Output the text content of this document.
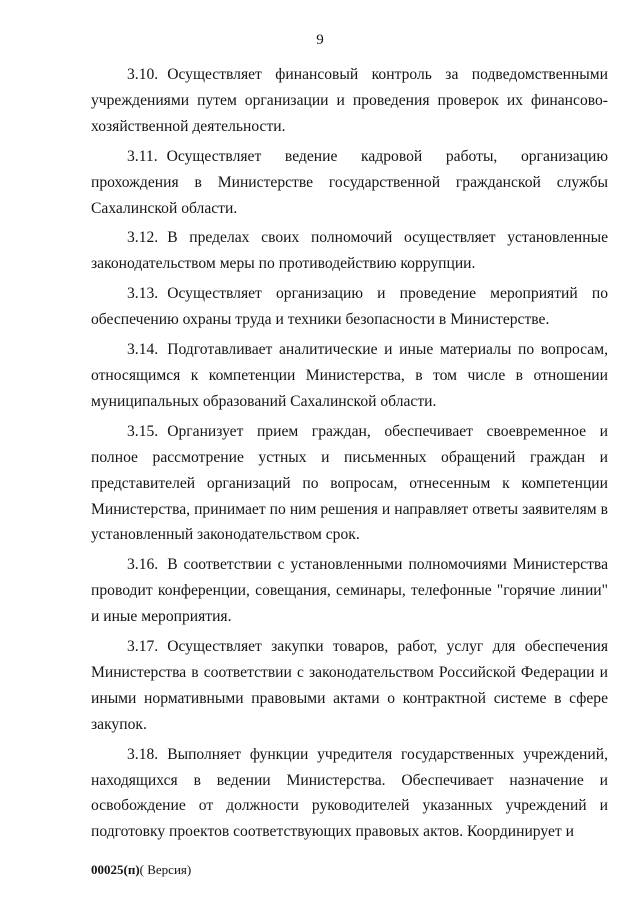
9

3.10. Осуществляет финансовый контроль за подведомственными учреждениями путем организации и проведения проверок их финансово-хозяйственной деятельности.

3.11. Осуществляет ведение кадровой работы, организацию прохождения в Министерстве государственной гражданской службы Сахалинской области.

3.12. В пределах своих полномочий осуществляет установленные законодательством меры по противодействию коррупции.

3.13. Осуществляет организацию и проведение мероприятий по обеспечению охраны труда и техники безопасности в Министерстве.

3.14. Подготавливает аналитические и иные материалы по вопросам, относящимся к компетенции Министерства, в том числе в отношении муниципальных образований Сахалинской области.

3.15. Организует прием граждан, обеспечивает своевременное и полное рассмотрение устных и письменных обращений граждан и представителей организаций по вопросам, отнесенным к компетенции Министерства, принимает по ним решения и направляет ответы заявителям в установленный законодательством срок.

3.16. В соответствии с установленными полномочиями Министерства проводит конференции, совещания, семинары, телефонные "горячие линии" и иные мероприятия.

3.17. Осуществляет закупки товаров, работ, услуг для обеспечения Министерства в соответствии с законодательством Российской Федерации и иными нормативными правовыми актами о контрактной системе в сфере закупок.

3.18. Выполняет функции учредителя государственных учреждений, находящихся в ведении Министерства. Обеспечивает назначение и освобождение от должности руководителей указанных учреждений и подготовку проектов соответствующих правовых актов. Координирует и

00025(п)( Версия)
